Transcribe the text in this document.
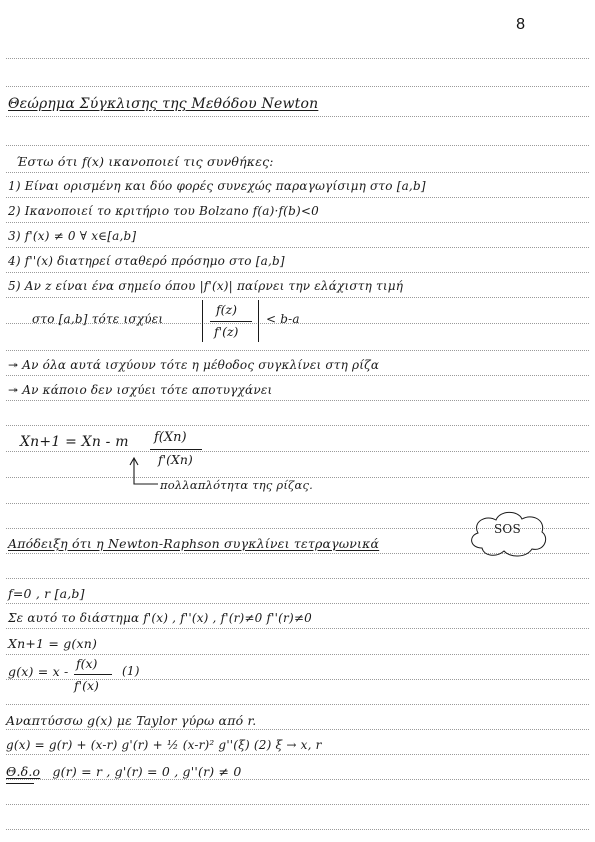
8
Θεώρημα Σύγκλισης της Μεθόδου Newton
Έστω ότι f(x) ικανοποιεί τις συνθήκες:
1) Είναι ορισμένη και δύο φορές συνεχώς παραγωγίσιμη στο [a,b]
2) Ικανοποιεί το κριτήριο του Bolzano f(a)·f(b)<0
3) f'(x) ≠ 0 ∀ x∈[a,b]
4) f''(x) διατηρεί σταθερό πρόσημο στο [a,b]
5) Αν z είναι ένα σημείο όπου |f'(x)| παίρνει την ελάχιστη τιμή
στο [a,b] τότε ισχύει
f(z)
f'(z)
< b-a
↠ Αν όλα αυτά ισχύουν τότε η μέθοδος συγκλίνει στη ρίζα
↠ Αν κάποιο δεν ισχύει τότε αποτυγχάνει
Xn+1 = Xn - m f(Xn)
f'(Xn)
πολλαπλότητα της ρίζας.
Απόδειξη ότι η Newton-Raphson συγκλίνει τετραγωνικά
SOS
f=0 , r [a,b]
Σε αυτό το διάστημα f'(x) , f''(x) , f'(r)≠0 f''(r)≠0
Xn+1 = g(xn)
g(x) = x -
f(x)
f'(x)
(1)
Αναπτύσσω g(x) με Taylor γύρω από r.
g(x) = g(r) + (x-r) g'(r) + ½ (x-r)² g''(ξ) (2) ξ → x, r
Θ.δ.ο g(r) = r , g'(r) = 0 , g''(r) ≠ 0
